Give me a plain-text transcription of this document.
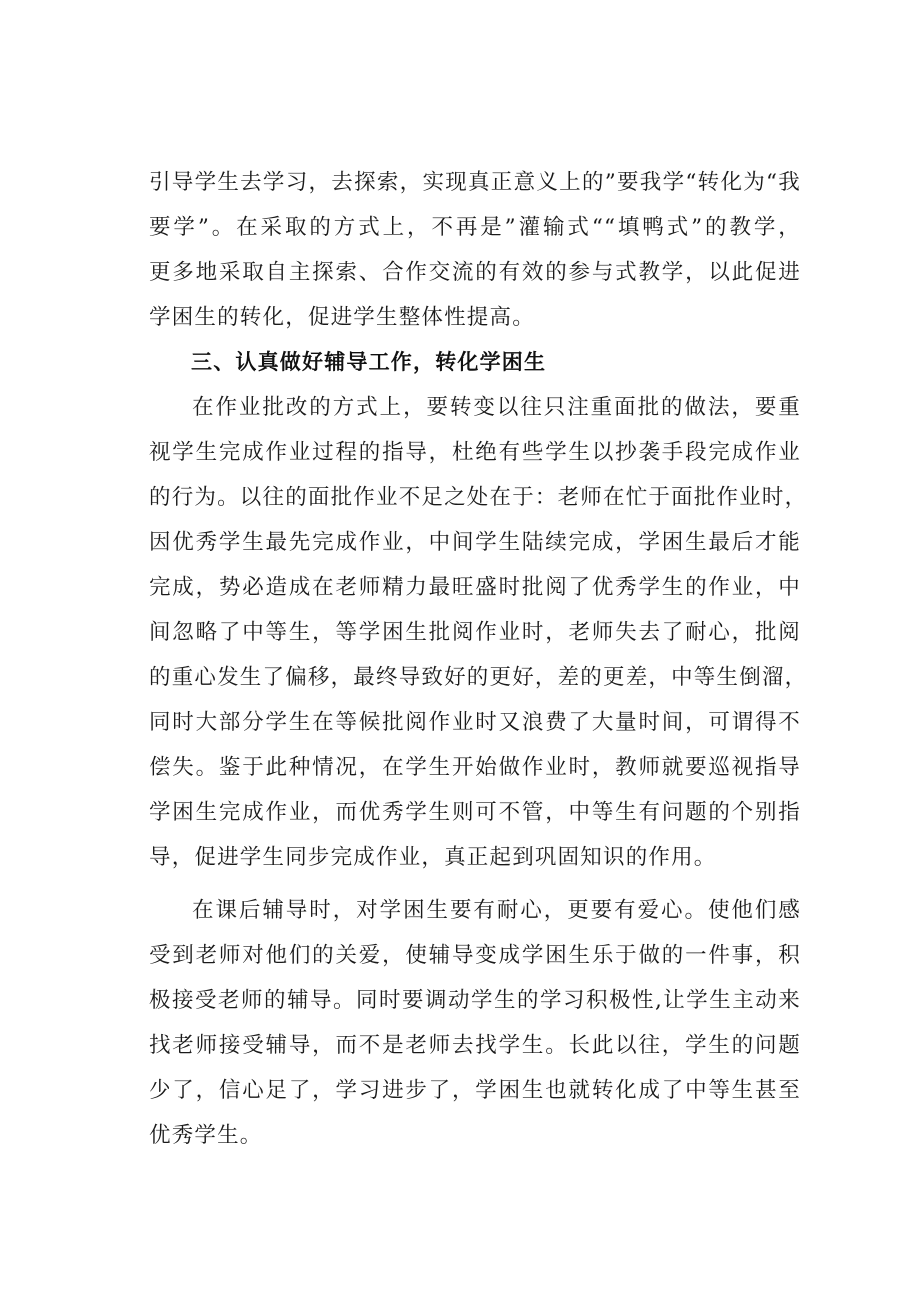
引导学生去学习，去探索，实现真正意义上的”要我学“转化为“我
要学”。在采取的方式上，不再是”灌输式““填鸭式”的教学，
更多地采取自主探索、合作交流的有效的参与式教学，以此促进
学困生的转化，促进学生整体性提高。

三、认真做好辅导工作，转化学困生

在作业批改的方式上，要转变以往只注重面批的做法，要重
视学生完成作业过程的指导，杜绝有些学生以抄袭手段完成作业
的行为。以往的面批作业不足之处在于：老师在忙于面批作业时，
因优秀学生最先完成作业，中间学生陆续完成，学困生最后才能
完成，势必造成在老师精力最旺盛时批阅了优秀学生的作业，中
间忽略了中等生，等学困生批阅作业时，老师失去了耐心，批阅
的重心发生了偏移，最终导致好的更好，差的更差，中等生倒溜，
同时大部分学生在等候批阅作业时又浪费了大量时间，可谓得不
偿失。鉴于此种情况，在学生开始做作业时，教师就要巡视指导
学困生完成作业，而优秀学生则可不管，中等生有问题的个别指
导，促进学生同步完成作业，真正起到巩固知识的作用。

在课后辅导时，对学困生要有耐心，更要有爱心。使他们感
受到老师对他们的关爱，使辅导变成学困生乐于做的一件事，积
极接受老师的辅导。同时要调动学生的学习积极性,让学生主动来
找老师接受辅导，而不是老师去找学生。长此以往，学生的问题
少了，信心足了，学习进步了，学困生也就转化成了中等生甚至
优秀学生。
